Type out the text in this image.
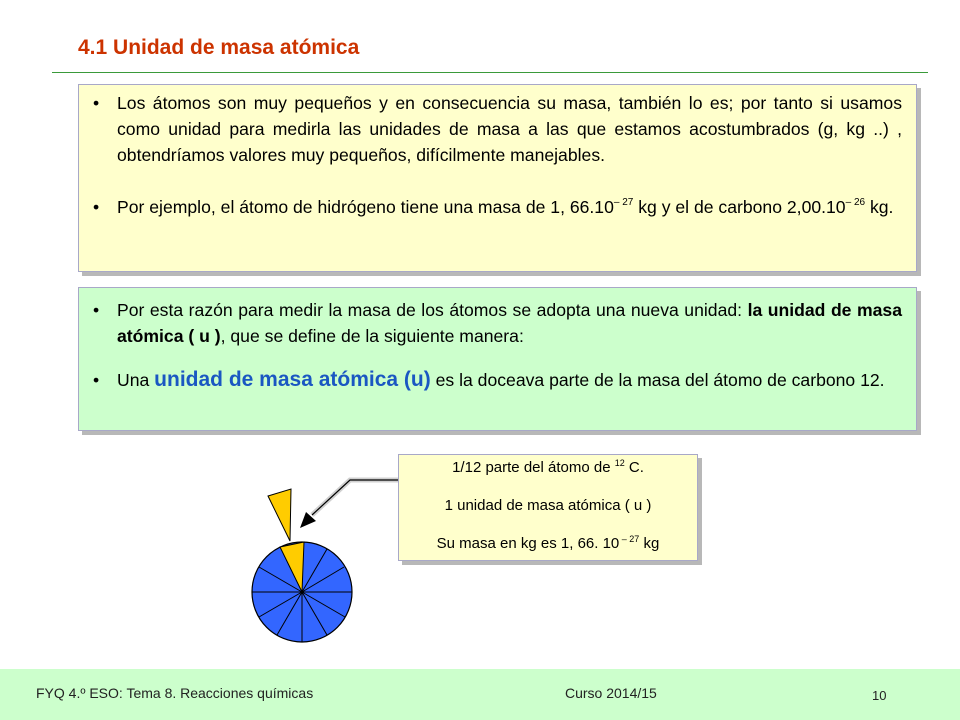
4.1 Unidad de masa atómica
• Los átomos son muy pequeños y en consecuencia su masa, también lo es; por tanto si usamos como unidad para medirla las unidades de masa a las que estamos acostumbrados (g, kg ..) , obtendríamos valores muy pequeños, difícilmente manejables.
• Por ejemplo, el átomo de hidrógeno tiene una masa de 1, $66.10^{- 27}$ kg y el de carbono $2,00.10^{- 26}$ kg.
• Por esta razón para medir la masa de los átomos se adopta una nueva unidad: la unidad de masa atómica ( u ), que se define de la siguiente manera:
• Una unidad de masa atómica (u) es la doceava parte de la masa del átomo de carbono 12.
1/12 parte del átomo de $^{12}$ C.
1 unidad de masa atómica ( u )
Su masa en kg es 1, 66. 10 $^{- 27}$ kg
FYQ 4.º ESO: Tema 8. Reacciones químicas	Curso 2014/15	10
